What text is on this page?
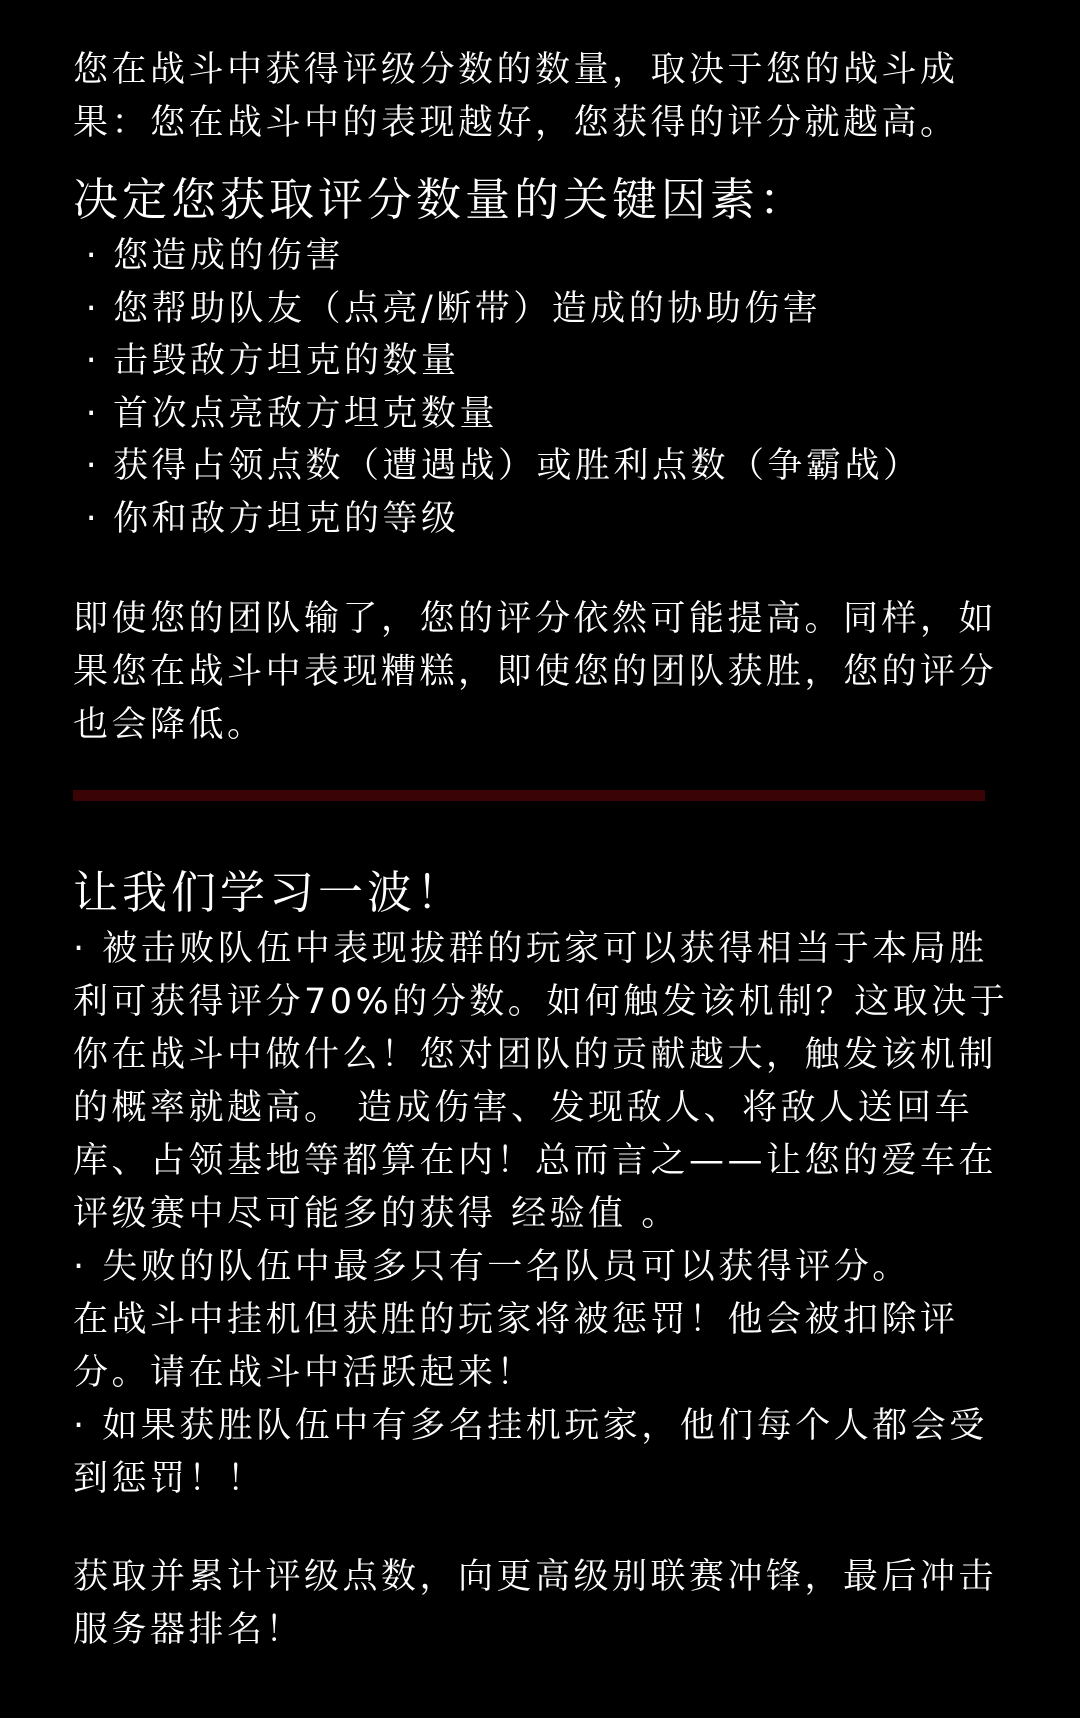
您在战斗中获得评级分数的数量，取决于您的战斗成果：您在战斗中的表现越好，您获得的评分就越高。

决定您获取评分数量的关键因素：
· 您造成的伤害
· 您帮助队友（点亮/断带）造成的协助伤害
· 击毁敌方坦克的数量
· 首次点亮敌方坦克数量
· 获得占领点数（遭遇战）或胜利点数（争霸战）
· 你和敌方坦克的等级

即使您的团队输了，您的评分依然可能提高。同样，如果您在战斗中表现糟糕，即使您的团队获胜，您的评分也会降低。

让我们学习一波！

· 被击败队伍中表现拔群的玩家可以获得相当于本局胜利可获得评分70%的分数。如何触发该机制？这取决于你在战斗中做什么！您对团队的贡献越大，触发该机制的概率就越高。 造成伤害、发现敌人、将敌人送回车库、占领基地等都算在内！总而言之——让您的爱车在评级赛中尽可能多的获得 经验值 。

· 失败的队伍中最多只有一名队员可以获得评分。

在战斗中挂机但获胜的玩家将被惩罚！他会被扣除评分。请在战斗中活跃起来！

· 如果获胜队伍中有多名挂机玩家，他们每个人都会受到惩罚！！

获取并累计评级点数，向更高级别联赛冲锋，最后冲击服务器排名！
